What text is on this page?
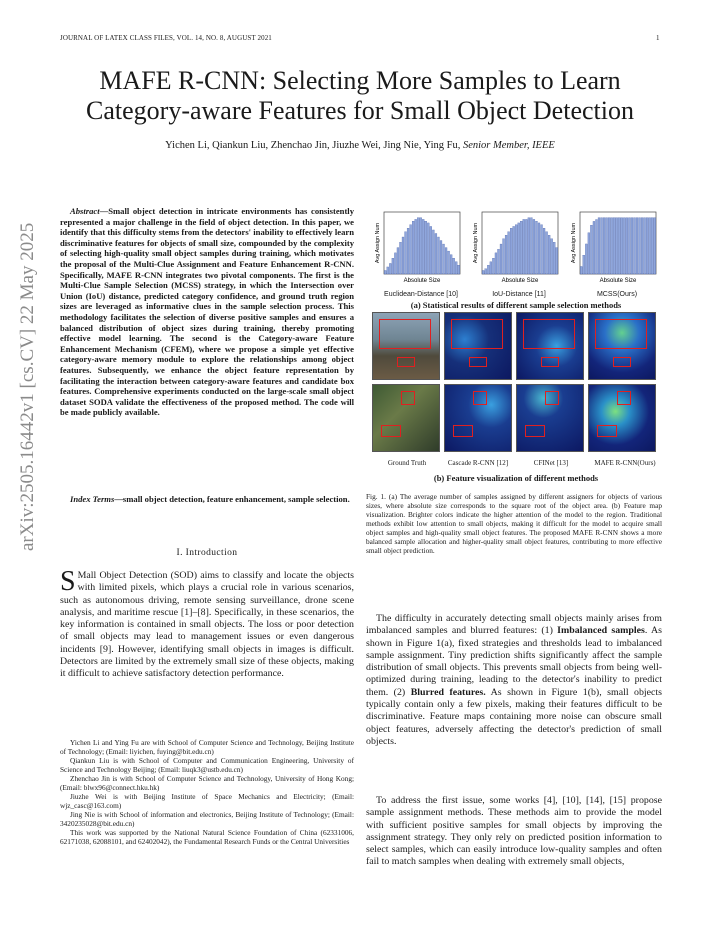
JOURNAL OF LATEX CLASS FILES, VOL. 14, NO. 8, AUGUST 2021	1
MAFE R-CNN: Selecting More Samples to Learn
Category-aware Features for Small Object Detection
Yichen Li, Qiankun Liu, Zhenchao Jin, Jiuzhe Wei, Jing Nie, Ying Fu, Senior Member, IEEE
arXiv:2505.16442v1 [cs.CV] 22 May 2025
Abstract—Small object detection in intricate environments has consistently represented a major challenge in the field of object detection. In this paper, we identify that this difficulty stems from the detectors' inability to effectively learn discriminative features for objects of small size, compounded by the complexity of selecting high-quality small object samples during training, which motivates the proposal of the Multi-Clue Assignment and Feature Enhancement R-CNN. Specifically, MAFE R-CNN integrates two pivotal components. The first is the Multi-Clue Sample Selection (MCSS) strategy, in which the Intersection over Union (IoU) distance, predicted category confidence, and ground truth region sizes are leveraged as informative clues in the sample selection process. This methodology facilitates the selection of diverse positive samples and ensures a balanced distribution of object sizes during training, thereby promoting effective model learning. The second is the Category-aware Feature Enhancement Mechanism (CFEM), where we propose a simple yet effective category-aware memory module to explore the relationships among object features. Subsequently, we enhance the object feature representation by facilitating the interaction between category-aware features and candidate box features. Comprehensive experiments conducted on the large-scale small object dataset SODA validate the effectiveness of the proposed method. The code will be made publicly available.
Index Terms—small object detection, feature enhancement, sample selection.
I. Introduction
S Mall Object Detection (SOD) aims to classify and locate the objects with limited pixels, which plays a crucial role in various scenarios, such as autonomous driving, remote sensing surveillance, drone scene analysis, and maritime rescue [1]–[8]. Specifically, in these scenarios, the key information is contained in small objects. The loss or poor detection of small objects may lead to management issues or even dangerous incidents [9]. However, identifying small objects in images is difficult. Detectors are limited by the extremely small size of these objects, making it difficult to achieve satisfactory detection performance.

Yichen Li and Ying Fu are with School of Computer Science and Technology, Beijing Institute of Technology; (Email: liyichen, fuying@bit.edu.cn)

Qiankun Liu is with School of Computer and Communication Engineering, University of Science and Technology Beijing; (Email: liuqk3@ustb.edu.cn)

Zhenchao Jin is with School of Computer Science and Technology, University of Hong Kong; (Email: blwx96@connect.hku.hk)

Jiuzhe Wei is with Beijing Institute of Space Mechanics and Electricity; (Email: wjz_casc@163.com)

Jing Nie is with School of information and electronics, Beijing Institute of Technology; (Email: 3420235028@bit.edu.cn)

This work was supported by the National Natural Science Foundation of China (62331006, 62171038, 62088101, and 62402042), the Fundamental Research Funds or the Central Universities

Avg Assign Num
Absolute Size
Avg Assign Num
Absolute Size
Avg Assign Num
Absolute Size
Euclidean-Distance [10]	IoU-Distance [11]	MCSS(Ours)
(a) Statistical results of different sample selection methods
Ground Truth	Cascade R-CNN [12]	CFINet [13]	MAFE R-CNN(Ours)
(b) Feature visualization of different methods
Fig. 1. (a) The average number of samples assigned by different assigners for objects of various sizes, where absolute size corresponds to the square root of the object area. (b) Feature map visualization. Brighter colors indicate the higher attention of the model to the region. Traditional methods exhibit low attention to small objects, making it difficult for the model to acquire small object samples and high-quality small object features. The proposed MAFE R-CNN shows a more balanced sample allocation and higher-quality small object features, contributing to more effective small object prediction.
The difficulty in accurately detecting small objects mainly arises from imbalanced samples and blurred features: (1) Imbalanced samples. As shown in Figure 1(a), fixed strategies and thresholds lead to imbalanced sample assignment. Tiny prediction shifts significantly affect the sample distribution of small objects. This prevents small objects from being well-optimized during training, leading to the detector's inability to predict them. (2) Blurred features. As shown in Figure 1(b), small objects typically contain only a few pixels, making their features difficult to be discriminative. Feature maps containing more noise can obscure small object features, adversely affecting the detector's prediction of small objects.
To address the first issue, some works [4], [10], [14], [15] propose sample assignment methods. These methods aim to provide the model with sufficient positive samples for small objects by improving the assignment strategy. They only rely on predicted position information to select samples, which can easily introduce low-quality samples and often fail to match samples when dealing with extremely small objects,
